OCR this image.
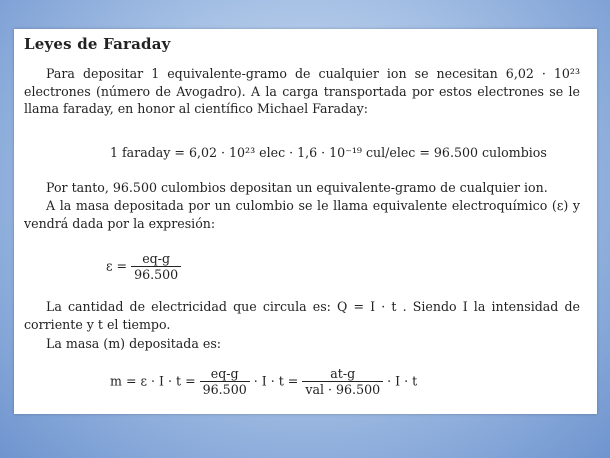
Leyes de Faraday
Para depositar 1 equivalente-gramo de cualquier ion se necesitan 6,02 · 10²³ electrones (número de Avogadro). A la carga transportada por estos electrones se le llama faraday, en honor al científico Michael Faraday:
1 faraday = 6,02 · 10²³ elec · 1,6 · 10⁻¹⁹ cul/elec = 96.500 culombios
Por tanto, 96.500 culombios depositan un equivalente-gramo de cualquier ion.
A la masa depositada por un culombio se le llama equivalente electroquímico (ε) y vendrá dada por la expresión:
$\varepsilon = \frac{eq-g}{96.500}$
La cantidad de electricidad que circula es: Q = I · t . Siendo I la intensidad de corriente y t el tiempo.
La masa (m) depositada es:
$m = \varepsilon \cdot I \cdot t = \frac{eq-g}{96.500} \cdot I \cdot t = \frac{at-g}{\text{val · 96.500}} \cdot I \cdot t$
